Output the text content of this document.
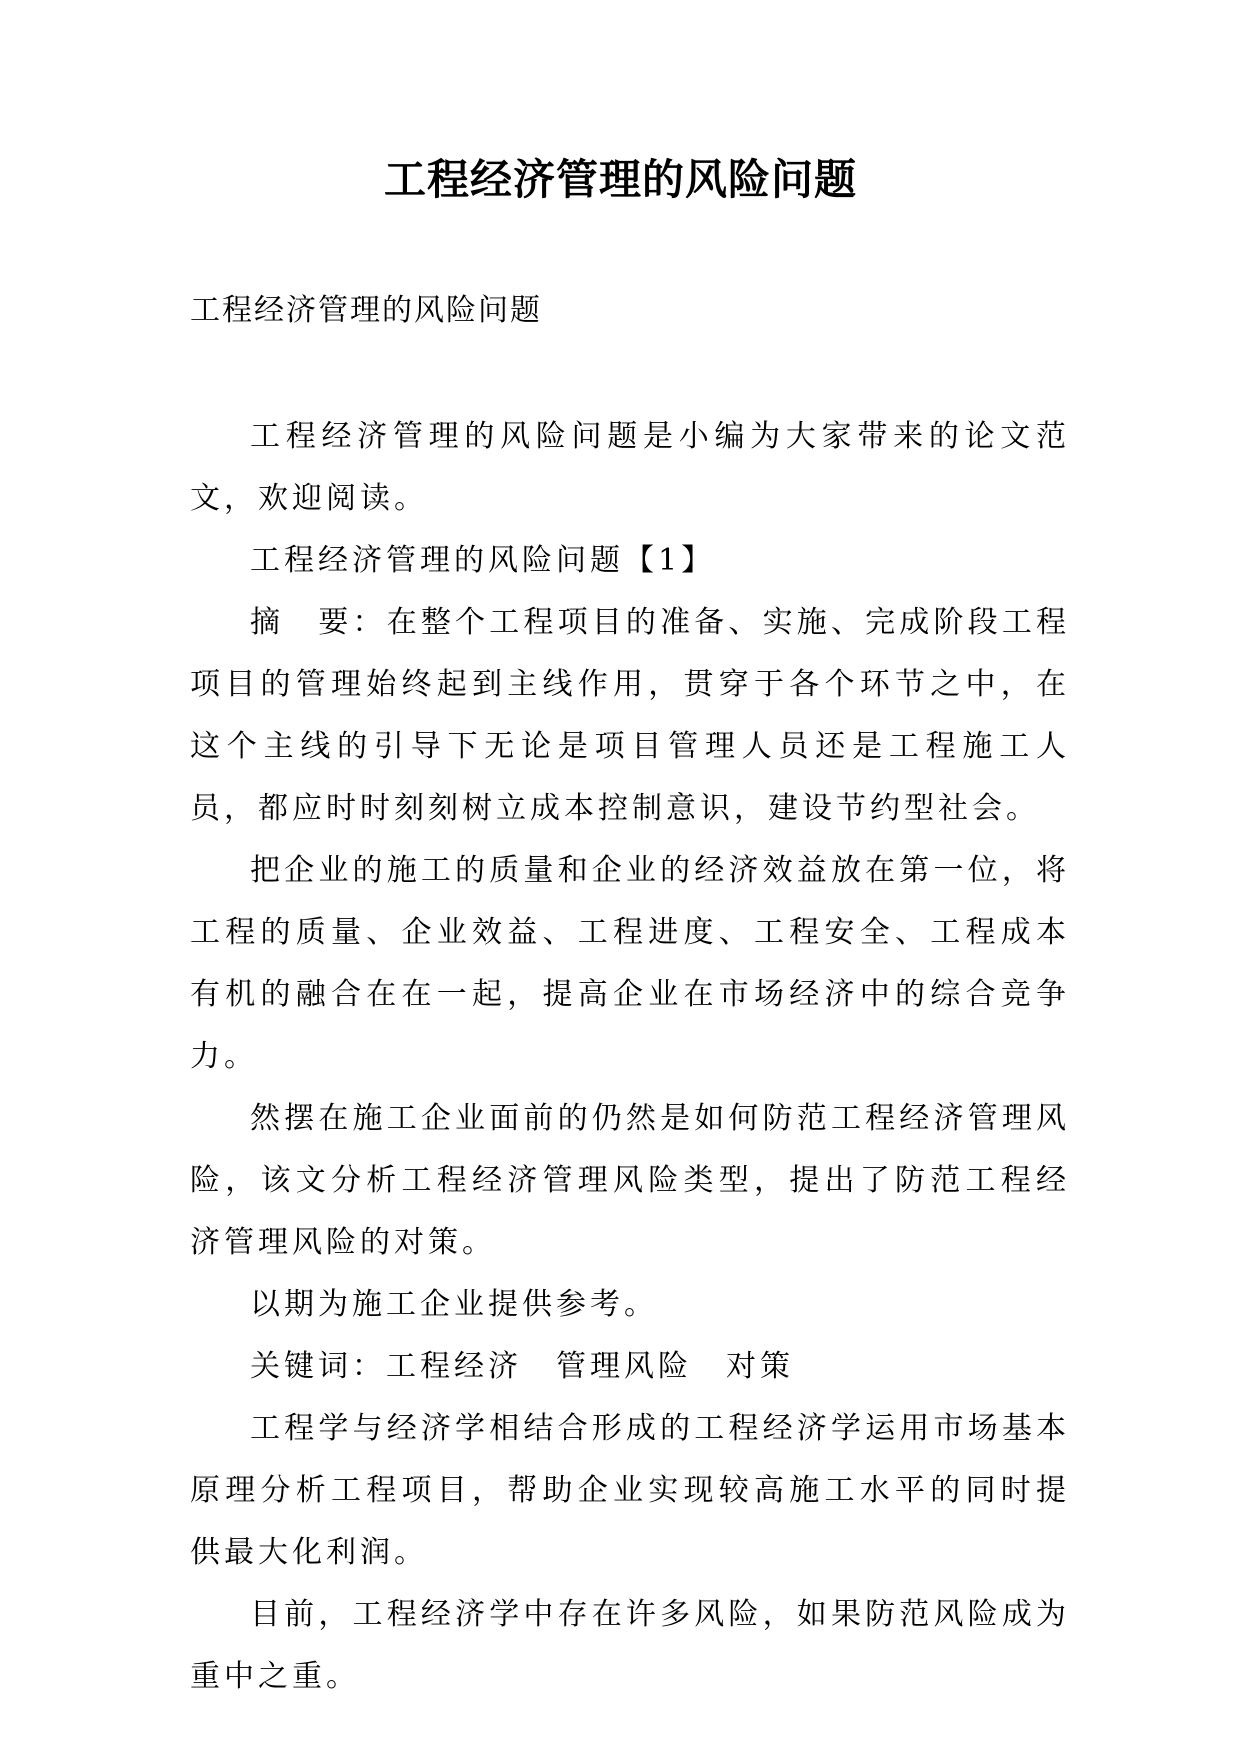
工程经济管理的风险问题
工程经济管理的风险问题

工程经济管理的风险问题是小编为大家带来的论文范文，欢迎阅读。

工程经济管理的风险问题【1】

摘　要：在整个工程项目的准备、实施、完成阶段工程项目的管理始终起到主线作用，贯穿于各个环节之中，在这个主线的引导下无论是项目管理人员还是工程施工人员，都应时时刻刻树立成本控制意识，建设节约型社会。

把企业的施工的质量和企业的经济效益放在第一位，将工程的质量、企业效益、工程进度、工程安全、工程成本有机的融合在在一起，提高企业在市场经济中的综合竞争力。

然摆在施工企业面前的仍然是如何防范工程经济管理风险，该文分析工程经济管理风险类型，提出了防范工程经济管理风险的对策。

以期为施工企业提供参考。

关键词：工程经济　管理风险　对策

工程学与经济学相结合形成的工程经济学运用市场基本原理分析工程项目，帮助企业实现较高施工水平的同时提供最大化利润。

目前，工程经济学中存在许多风险，如果防范风险成为重中之重。
